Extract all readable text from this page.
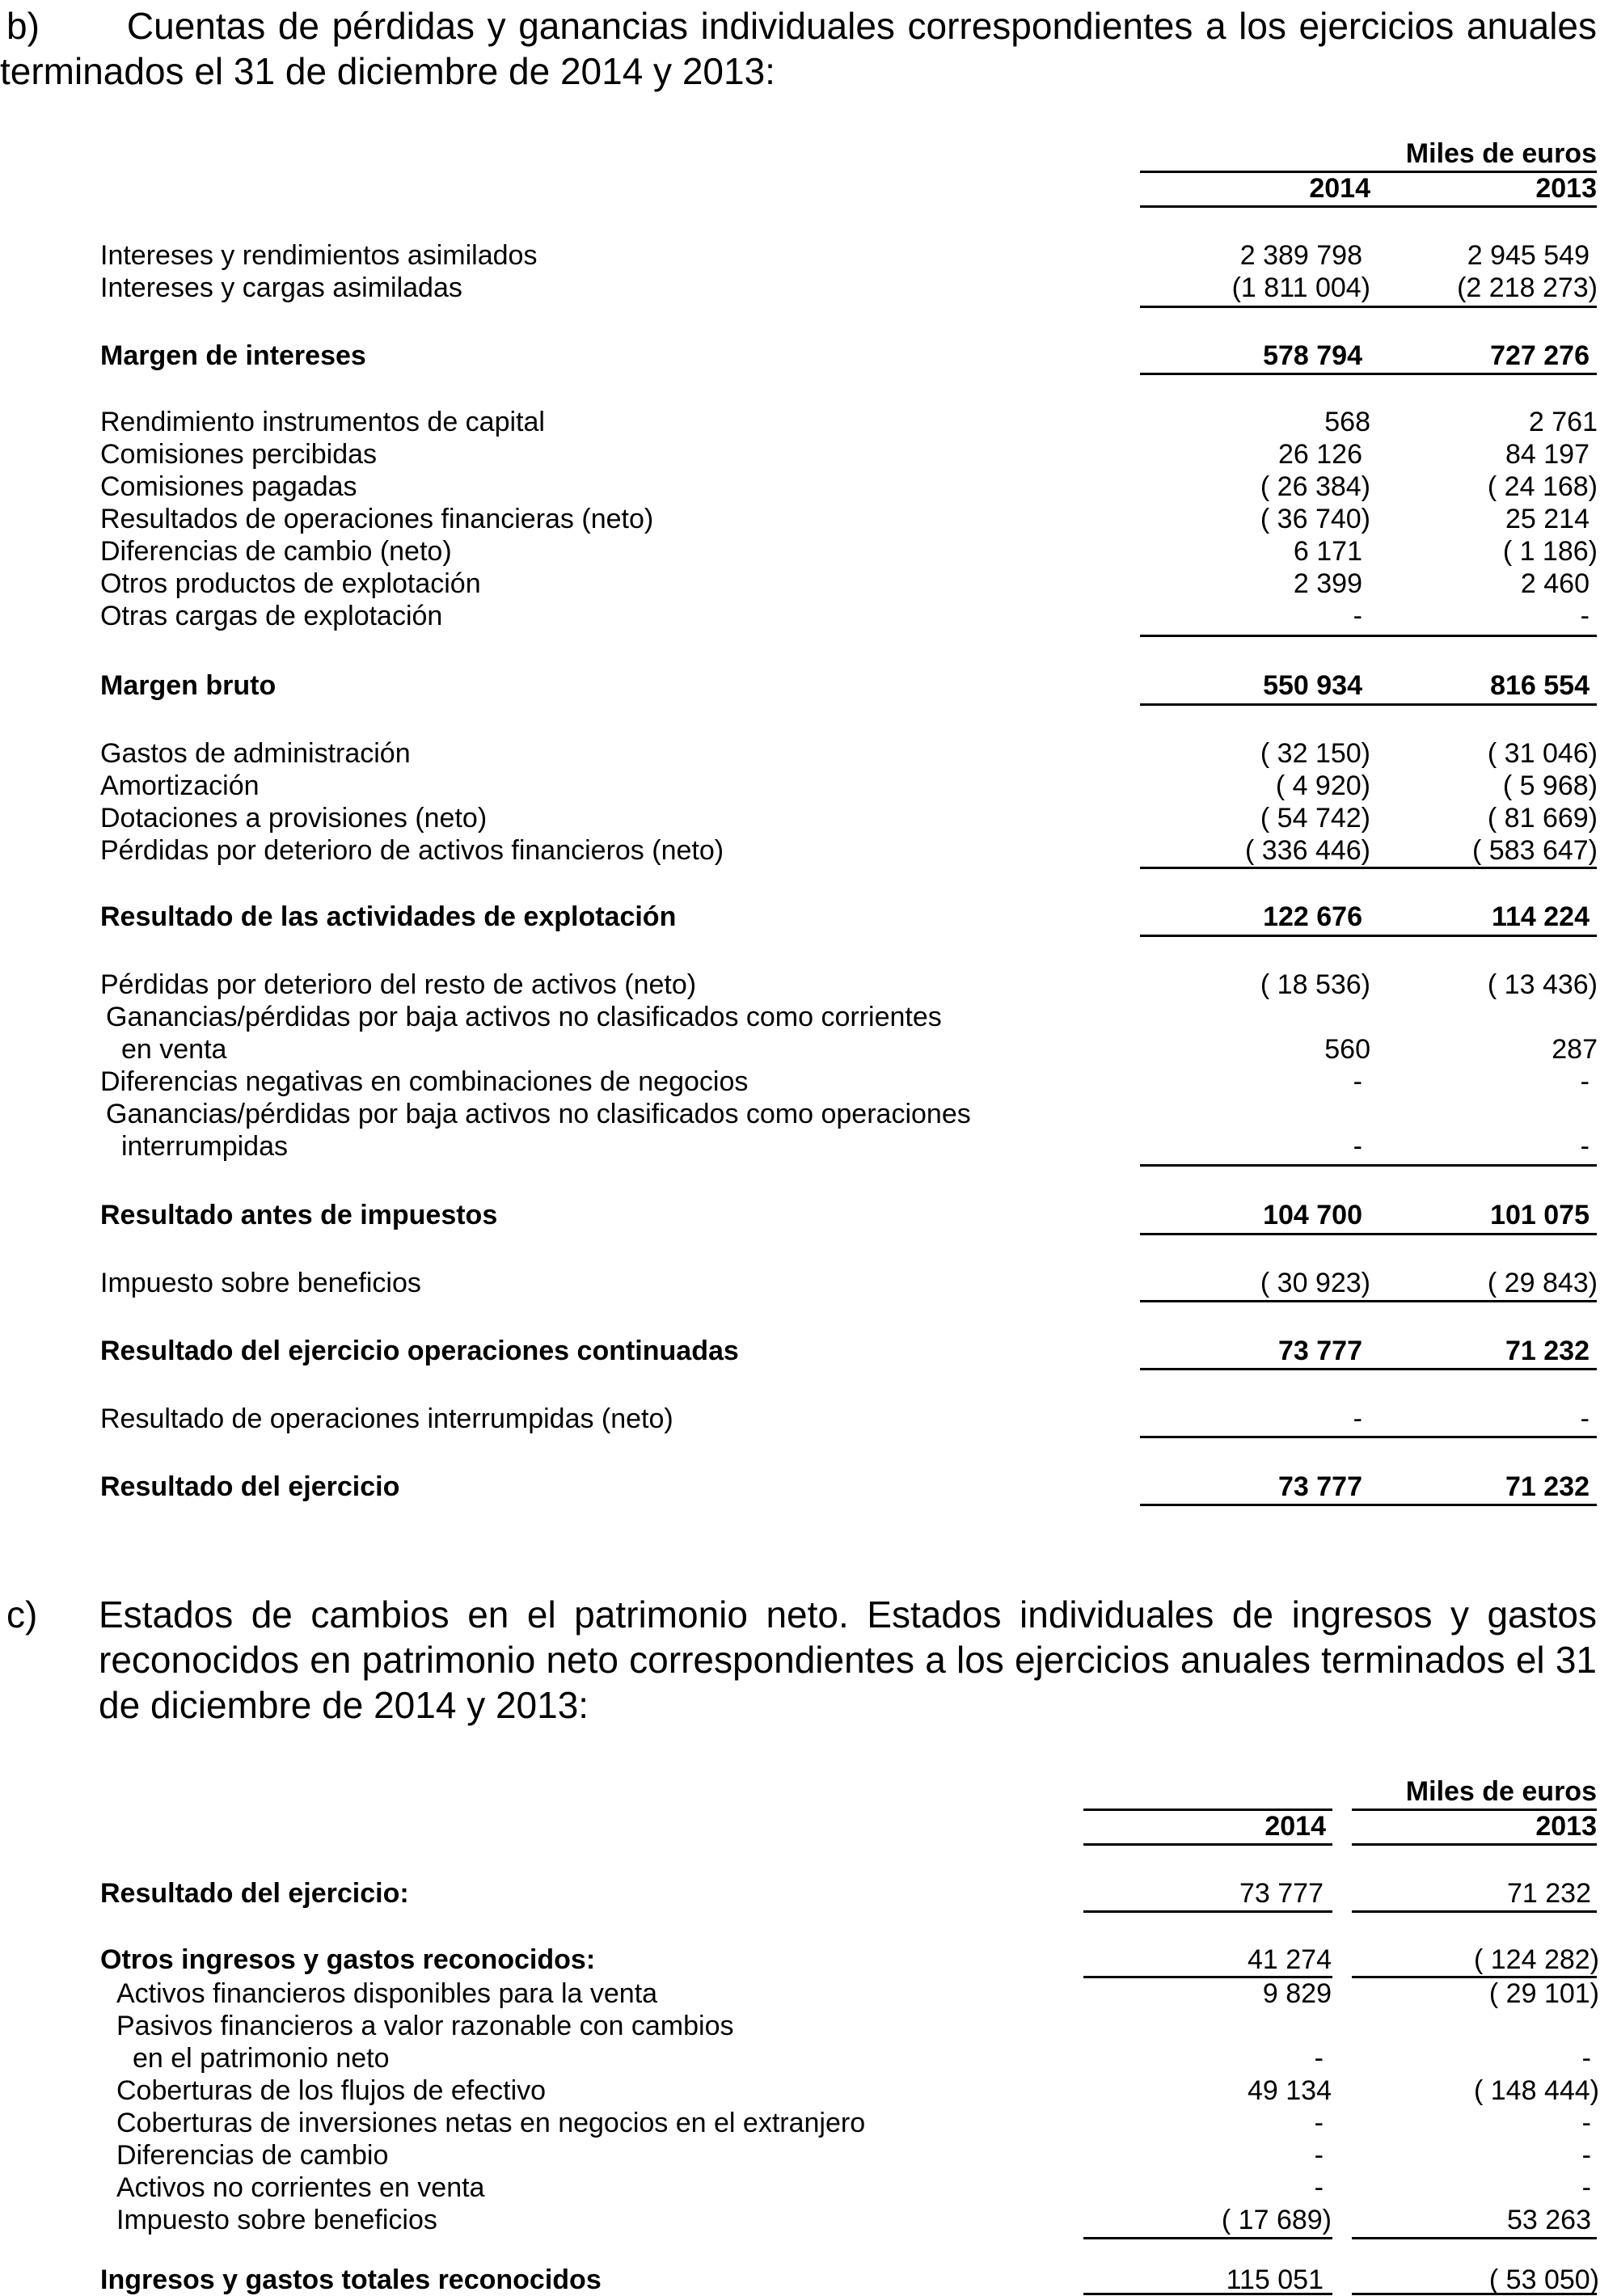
b) Cuentas de pérdidas y ganancias individuales correspondientes a los ejercicios anuales terminados el 31 de diciembre de 2014 y 2013:
Miles de euros
2014	2013
Intereses y rendimientos asimilados	2 389 798	2 945 549
Intereses y cargas asimiladas	(1 811 004)	(2 218 273)
Margen de intereses	578 794	727 276
Rendimiento instrumentos de capital	568	2 761
Comisiones percibidas	26 126	84 197
Comisiones pagadas	( 26 384)	( 24 168)
Resultados de operaciones financieras (neto)	( 36 740)	25 214
Diferencias de cambio (neto)	6 171	( 1 186)
Otros productos de explotación	2 399	2 460
Otras cargas de explotación	-	-
Margen bruto	550 934	816 554
Gastos de administración	( 32 150)	( 31 046)
Amortización	( 4 920)	( 5 968)
Dotaciones a provisiones (neto)	( 54 742)	( 81 669)
Pérdidas por deterioro de activos financieros (neto)	( 336 446)	( 583 647)
Resultado de las actividades de explotación	122 676	114 224
Pérdidas por deterioro del resto de activos (neto)	( 18 536)	( 13 436)
Ganancias/pérdidas por baja activos no clasificados como corrientes
en venta	560	287
Diferencias negativas en combinaciones de negocios	-	-
Ganancias/pérdidas por baja activos no clasificados como operaciones
interrumpidas	-	-
Resultado antes de impuestos	104 700	101 075
Impuesto sobre beneficios	( 30 923)	( 29 843)
Resultado del ejercicio operaciones continuadas	73 777	71 232
Resultado de operaciones interrumpidas (neto)	-	-
Resultado del ejercicio	73 777	71 232
c) Estados de cambios en el patrimonio neto. Estados individuales de ingresos y gastos reconocidos en patrimonio neto correspondientes a los ejercicios anuales terminados el 31 de diciembre de 2014 y 2013:
Miles de euros
2014	2013
Resultado del ejercicio:	73 777	71 232
Otros ingresos y gastos reconocidos:	41 274	( 124 282)
Activos financieros disponibles para la venta	9 829	( 29 101)
Pasivos financieros a valor razonable con cambios
en el patrimonio neto	-	-
Coberturas de los flujos de efectivo	49 134	( 148 444)
Coberturas de inversiones netas en negocios en el extranjero	-	-
Diferencias de cambio	-	-
Activos no corrientes en venta	-	-
Impuesto sobre beneficios	( 17 689)	53 263
Ingresos y gastos totales reconocidos	115 051	( 53 050)
